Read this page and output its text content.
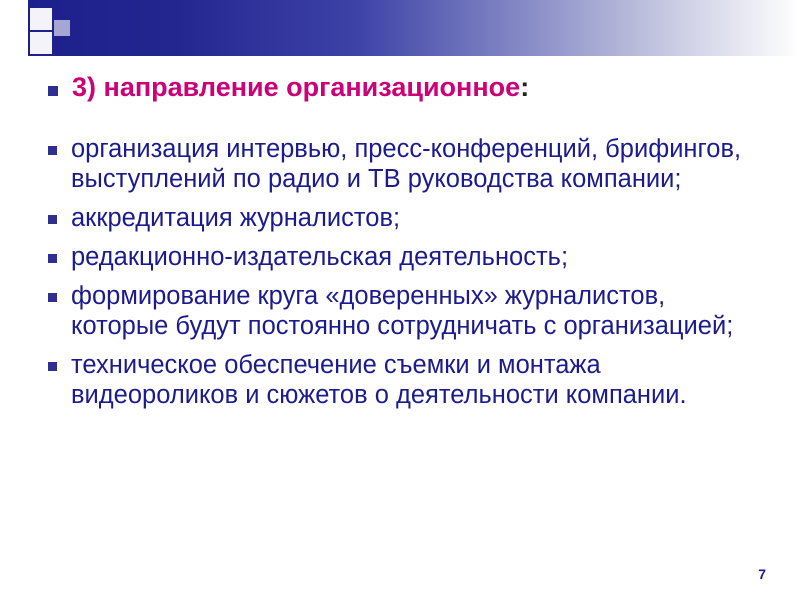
3) направление организационное:
организация интервью, пресс-конференций, брифингов, выступлений по радио и ТВ руководства компании;
аккредитация журналистов;
редакционно-издательская деятельность;
формирование круга «доверенных» журналистов, которые будут постоянно сотрудничать с организацией;
техническое обеспечение съемки и монтажа видеороликов и сюжетов о деятельности компании.
7
